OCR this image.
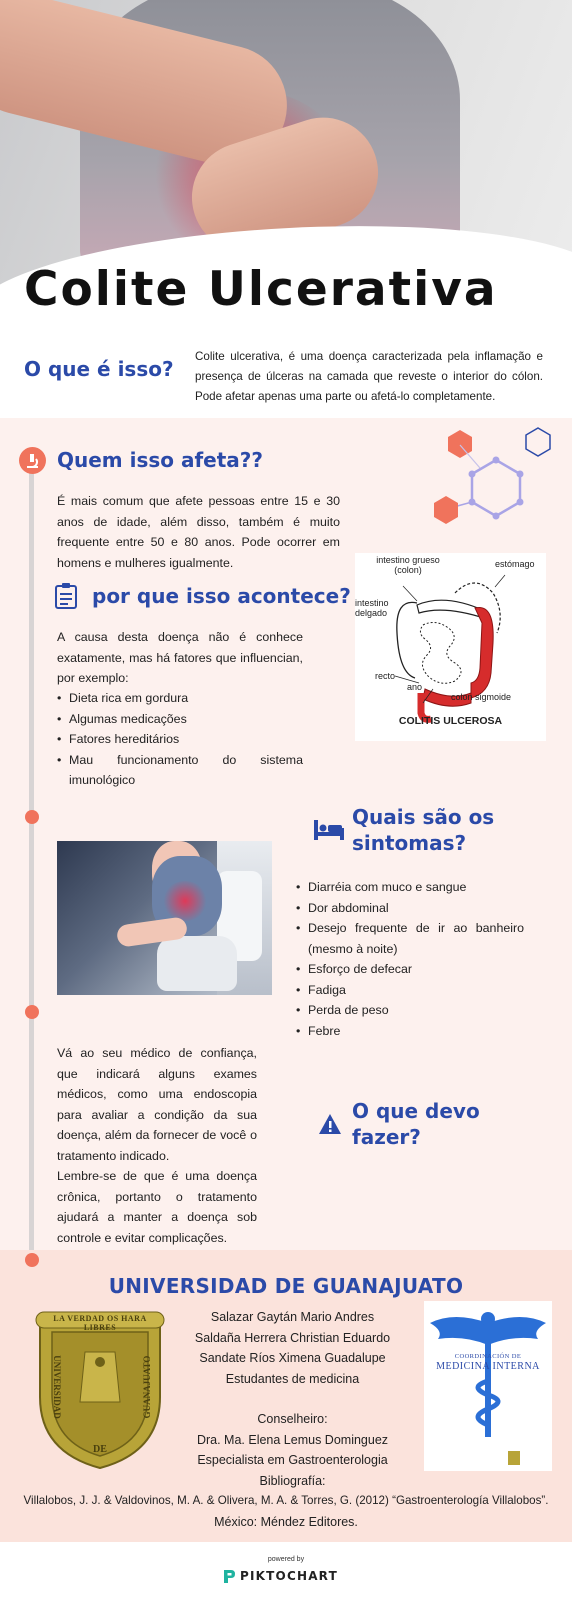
Colite Ulcerativa
O que é isso?
Colite ulcerativa, é uma doença caracterizada pela inflamação e presença de úlceras na camada que reveste o interior do cólon. Pode afetar apenas uma parte ou afetá-lo completamente.
Quem isso afeta??
É mais comum que afete pessoas entre 15 e 30 anos de idade, além disso, também é muito frequente entre 50 e 80 anos. Pode ocorrer em homens e mulheres igualmente.
por que isso acontece?
A causa desta doença não é conhece exatamente, mas há fatores que influencian, por exemplo:
• Dieta rica em gordura
• Algumas medicações
• Fatores hereditários
• Mau funcionamento do sistema imunológico
intestino grueso (colon)
estómago
intestino delgado
recto
ano
colon sigmoide
COLITIS ULCEROSA
Quais são os sintomas?
• Diarréia com muco e sangue
• Dor abdominal
• Desejo frequente de ir ao banheiro (mesmo à noite)
• Esforço de defecar
• Fadiga
• Perda de peso
• Febre
Vá ao seu médico de confiança, que indicará alguns exames médicos, como uma endoscopia para avaliar a condição da sua doença, além da fornecer de você o tratamento indicado.
Lembre-se de que é uma doença crônica, portanto o tratamento ajudará a manter a doença sob controle e evitar complicações.
O que devo fazer?
UNIVERSIDAD DE GUANAJUATO
LA VERDAD OS HARA LIBRES
UNIVERSIDAD	GUANAJUATO
DE
Salazar Gaytán Mario Andres
Saldaña Herrera Christian Eduardo
Sandate Ríos Ximena Guadalupe
Estudantes de medicina
Conselheiro:
Dra. Ma. Elena Lemus Dominguez
Especialista em Gastroenterologia
Bibliografía:
COORDINACIÓN DE
MEDICINA INTERNA
Villalobos, J. J. & Valdovinos, M. A. & Olivera, M. A. & Torres, G. (2012) “Gastroenterología Villalobos”.
México: Méndez Editores.
powered by
PIKTOCHART
